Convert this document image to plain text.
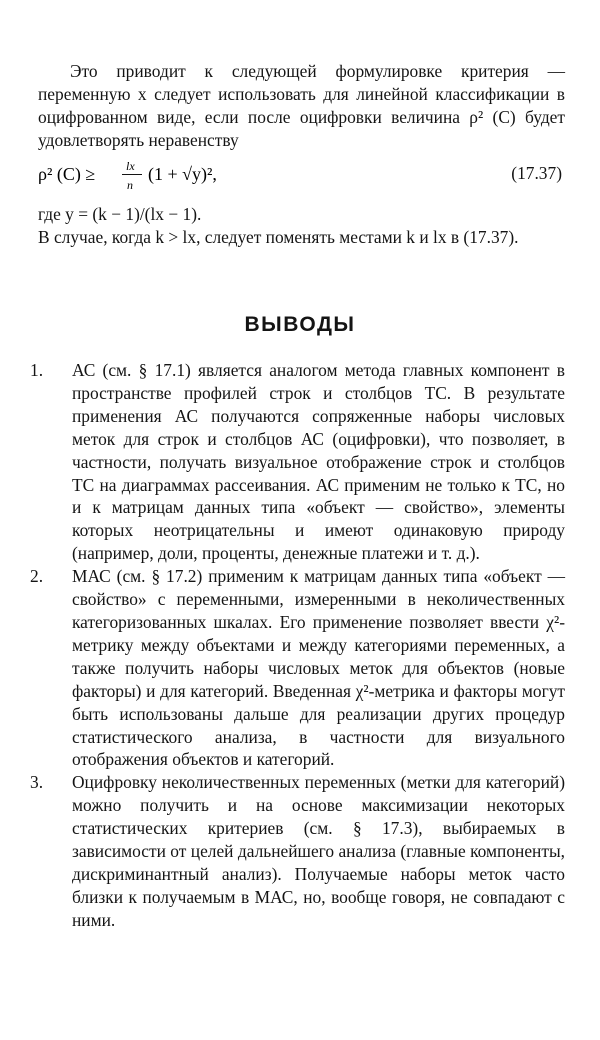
Это приводит к следующей формулировке критерия — переменную x следует использовать для линейной классификации в оцифрованном виде, если после оцифровки величина ρ² (C) будет удовлетворять неравенству

ρ² (C) ≥	lx
n
(1 + √y)²,	(17.37)

где y = (k − 1)/(lx − 1).

В случае, когда k > lx, следует поменять местами k и lx в (17.37).

ВЫВОДЫ
1. АС (см. § 17.1) является аналогом метода главных компонент в пространстве профилей строк и столбцов ТС. В результате применения АС получаются сопряженные наборы числовых меток для строк и столбцов АС (оцифровки), что позволяет, в частности, получать визуальное отображение строк и столбцов ТС на диаграммах рассеивания. АС применим не только к ТС, но и к матрицам данных типа «объект — свойство», элементы которых неотрицательны и имеют одинаковую природу (например, доли, проценты, денежные платежи и т. д.).
2. МАС (см. § 17.2) применим к матрицам данных типа «объект — свойство» с переменными, измеренными в неколичественных категоризованных шкалах. Его применение позволяет ввести χ²-метрику между объектами и между категориями переменных, а также получить наборы числовых меток для объектов (новые факторы) и для категорий. Введенная χ²-метрика и факторы могут быть использованы дальше для реализации других процедур статистического анализа, в частности для визуального отображения объектов и категорий.
3. Оцифровку неколичественных переменных (метки для категорий) можно получить и на основе максимизации некоторых статистических критериев (см. § 17.3), выбираемых в зависимости от целей дальнейшего анализа (главные компоненты, дискриминантный анализ). Получаемые наборы меток часто близки к получаемым в МАС, но, вообще говоря, не совпадают с ними.
